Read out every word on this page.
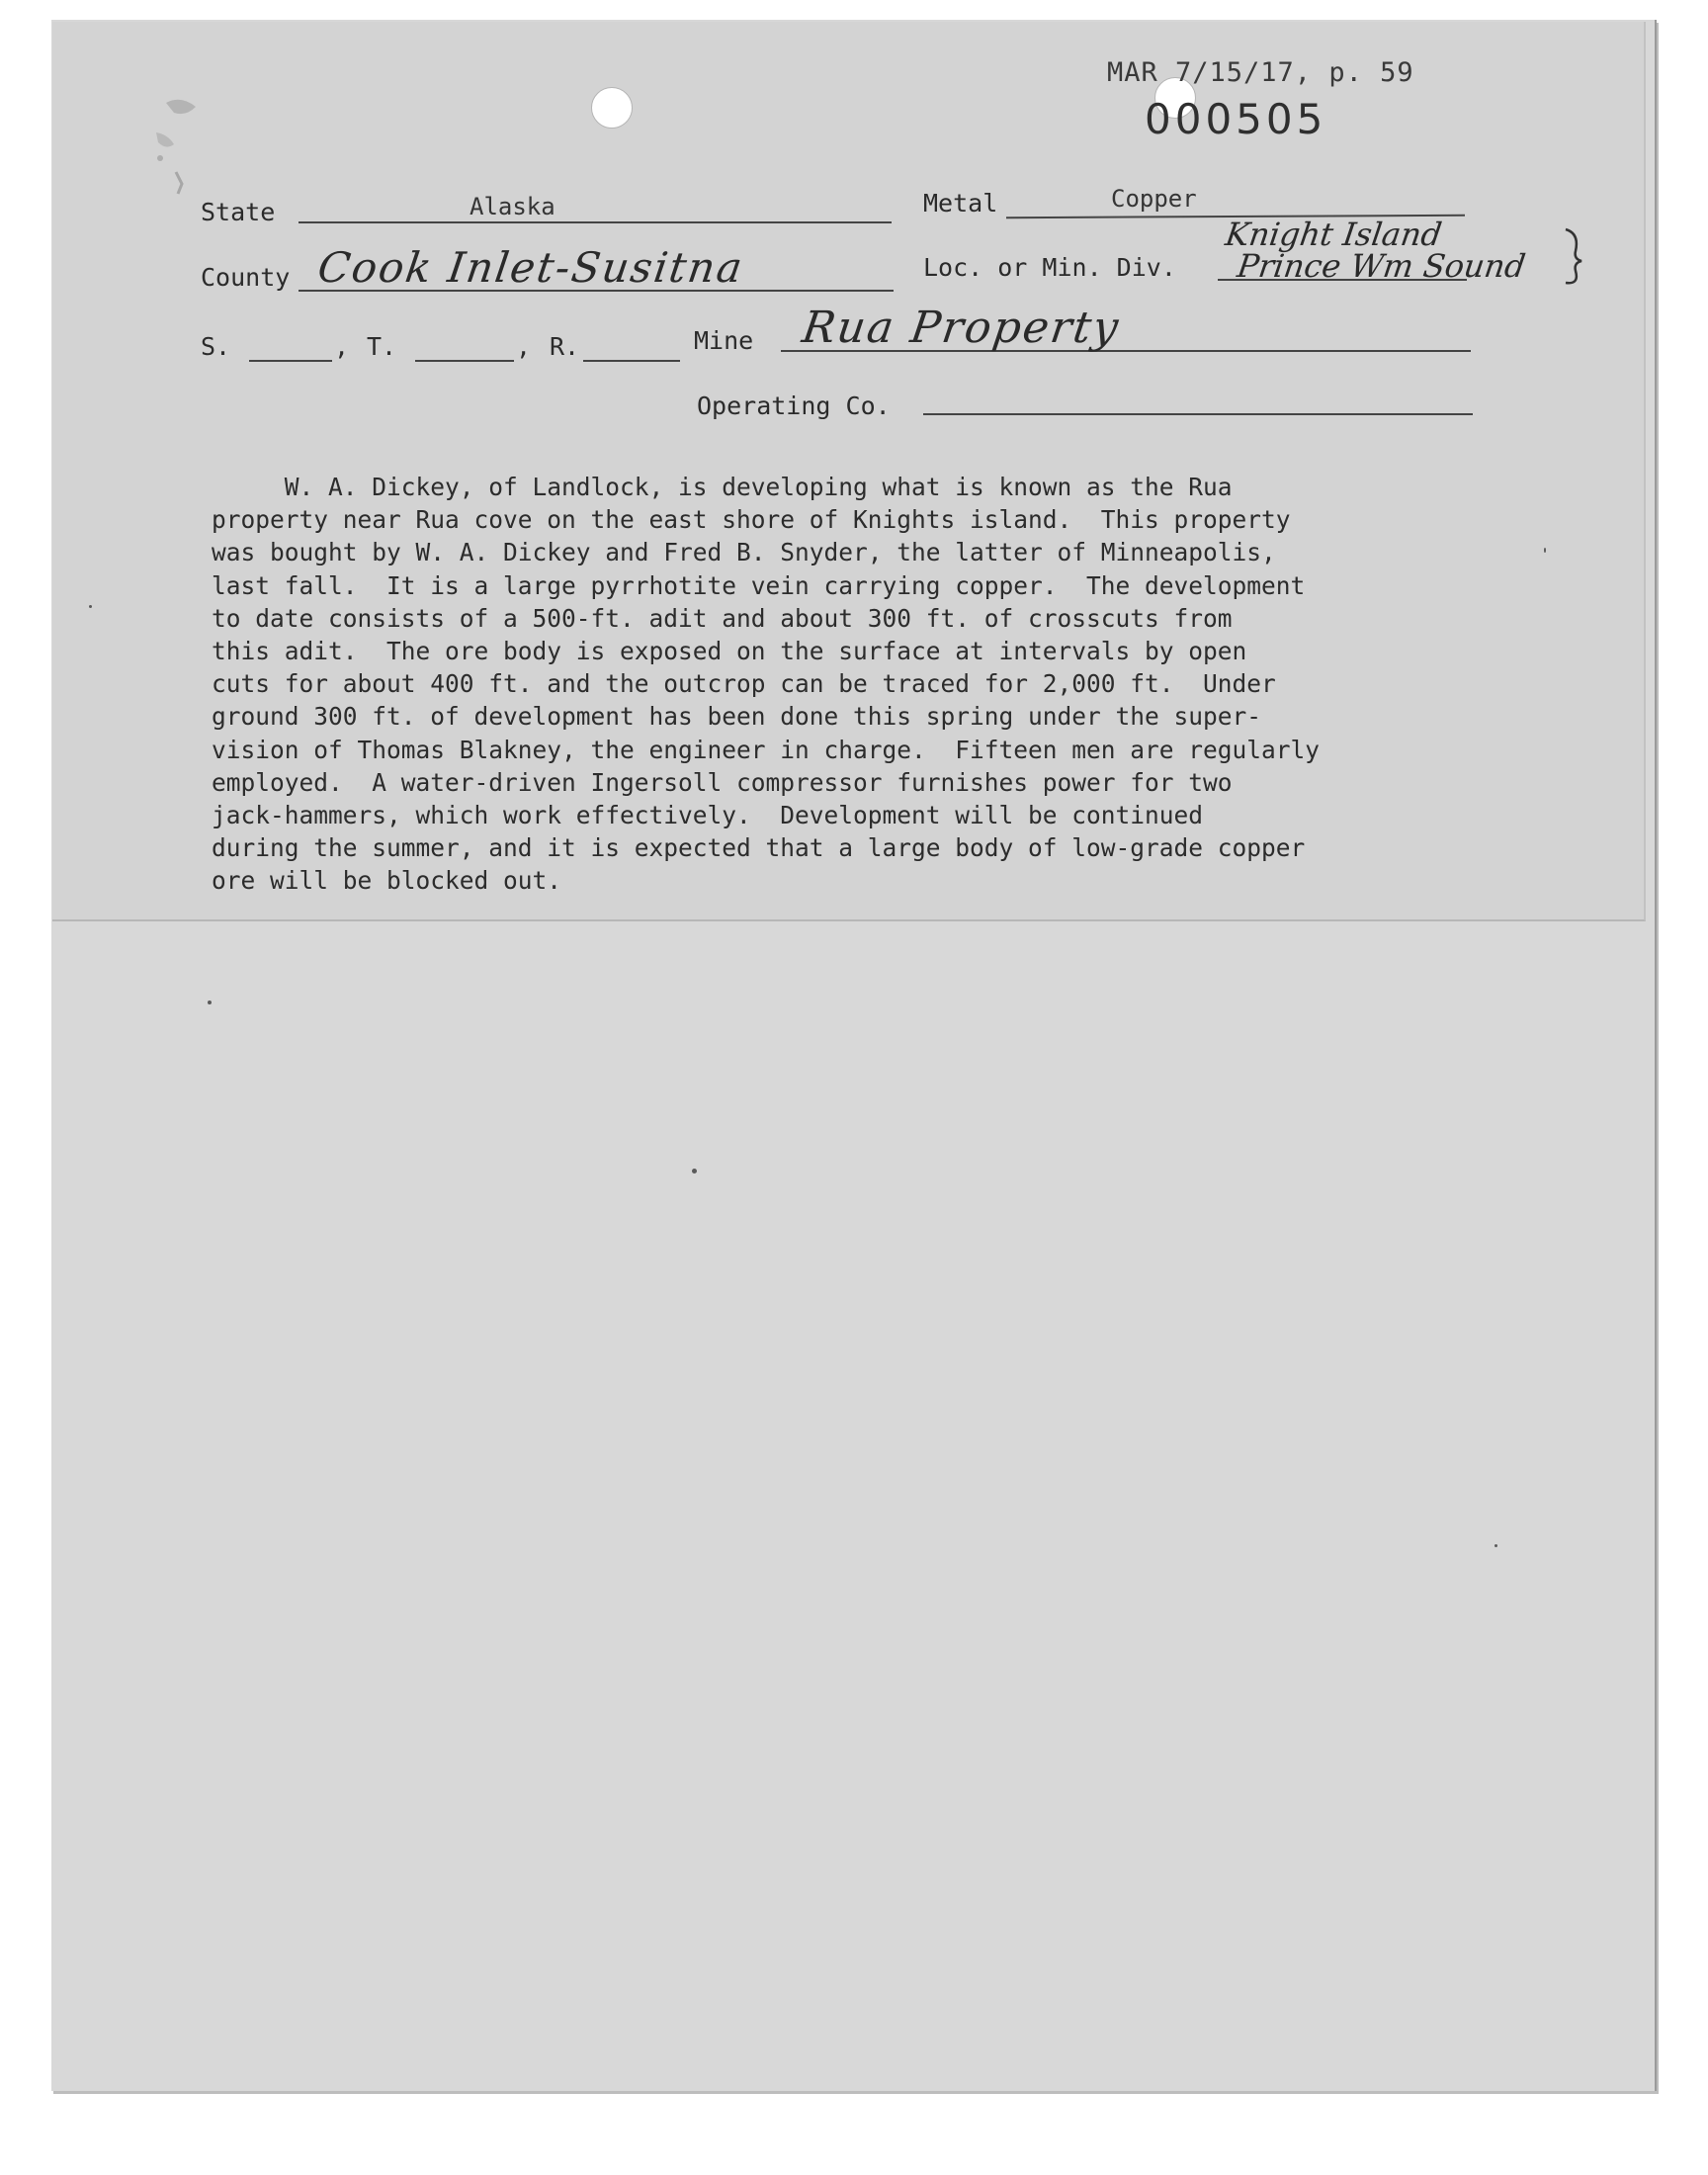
MAR 7/15/17, p. 59
000505
State	Alaska	Metal	Copper
County Cook Inlet-Susitna	Loc. or Min. Div.
Knight Island
Prince Wm Sound
S.	, T.	, R.	Mine Rua Property
Operating Co.

W. A. Dickey, of Landlock, is developing what is known as the Rua

property near Rua cove on the east shore of Knights island.  This property

was bought by W. A. Dickey and Fred B. Snyder, the latter of Minneapolis,

last fall.  It is a large pyrrhotite vein carrying copper.  The development

to date consists of a 500-ft. adit and about 300 ft. of crosscuts from

this adit.  The ore body is exposed on the surface at intervals by open

cuts for about 400 ft. and the outcrop can be traced for 2,000 ft.  Under

ground 300 ft. of development has been done this spring under the super-

vision of Thomas Blakney, the engineer in charge.  Fifteen men are regularly

employed.  A water-driven Ingersoll compressor furnishes power for two

jack-hammers, which work effectively.  Development will be continued

during the summer, and it is expected that a large body of low-grade copper

ore will be blocked out.
